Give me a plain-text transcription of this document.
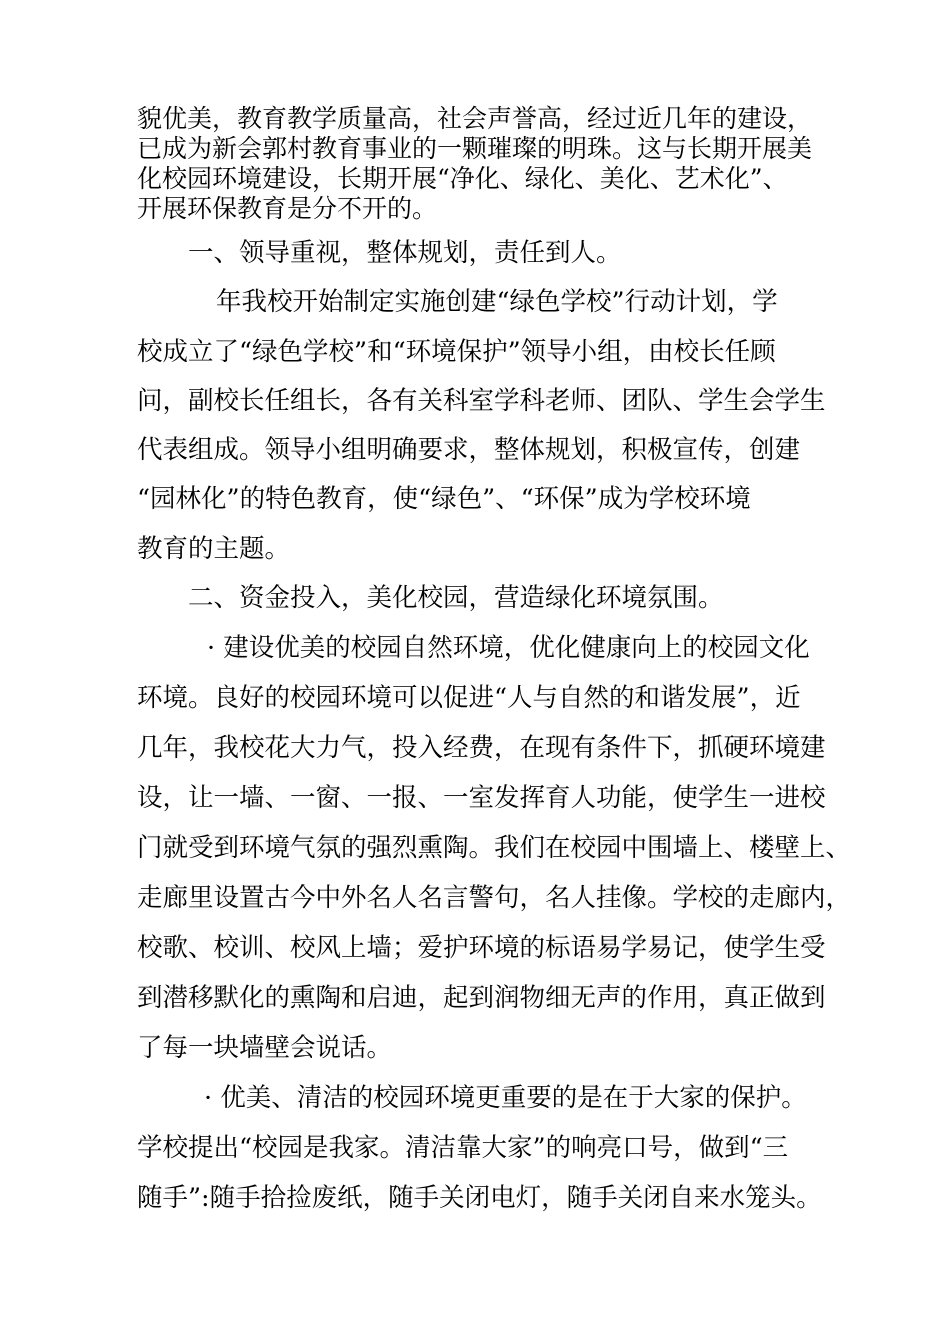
貌优美，教育教学质量高，社会声誉高，经过近几年的建设，
已成为新会郭村教育事业的一颗璀璨的明珠。这与长期开展美
化校园环境建设，长期开展“净化、绿化、美化、艺术化”、
开展环保教育是分不开的。
一、领导重视，整体规划，责任到人。
年我校开始制定实施创建“绿色学校”行动计划，学
校成立了“绿色学校”和“环境保护”领导小组，由校长任顾
问，副校长任组长，各有关科室学科老师、团队、学生会学生
代表组成。领导小组明确要求，整体规划，积极宣传，创建
“园林化”的特色教育，使“绿色”、“环保”成为学校环境
教育的主题。
二、资金投入，美化校园，营造绿化环境氛围。
· 建设优美的校园自然环境，优化健康向上的校园文化
环境。良好的校园环境可以促进“人与自然的和谐发展”，近
几年，我校花大力气，投入经费，在现有条件下，抓硬环境建
设，让一墙、一窗、一报、一室发挥育人功能，使学生一进校
门就受到环境气氛的强烈熏陶。我们在校园中围墙上、楼壁上、
走廊里设置古今中外名人名言警句，名人挂像。学校的走廊内，
校歌、校训、校风上墙；爱护环境的标语易学易记，使学生受
到潜移默化的熏陶和启迪，起到润物细无声的作用，真正做到
了每一块墙壁会说话。
· 优美、清洁的校园环境更重要的是在于大家的保护。
学校提出“校园是我家。清洁靠大家”的响亮口号，做到“三
随手”:随手拾捡废纸，随手关闭电灯，随手关闭自来水笼头。
